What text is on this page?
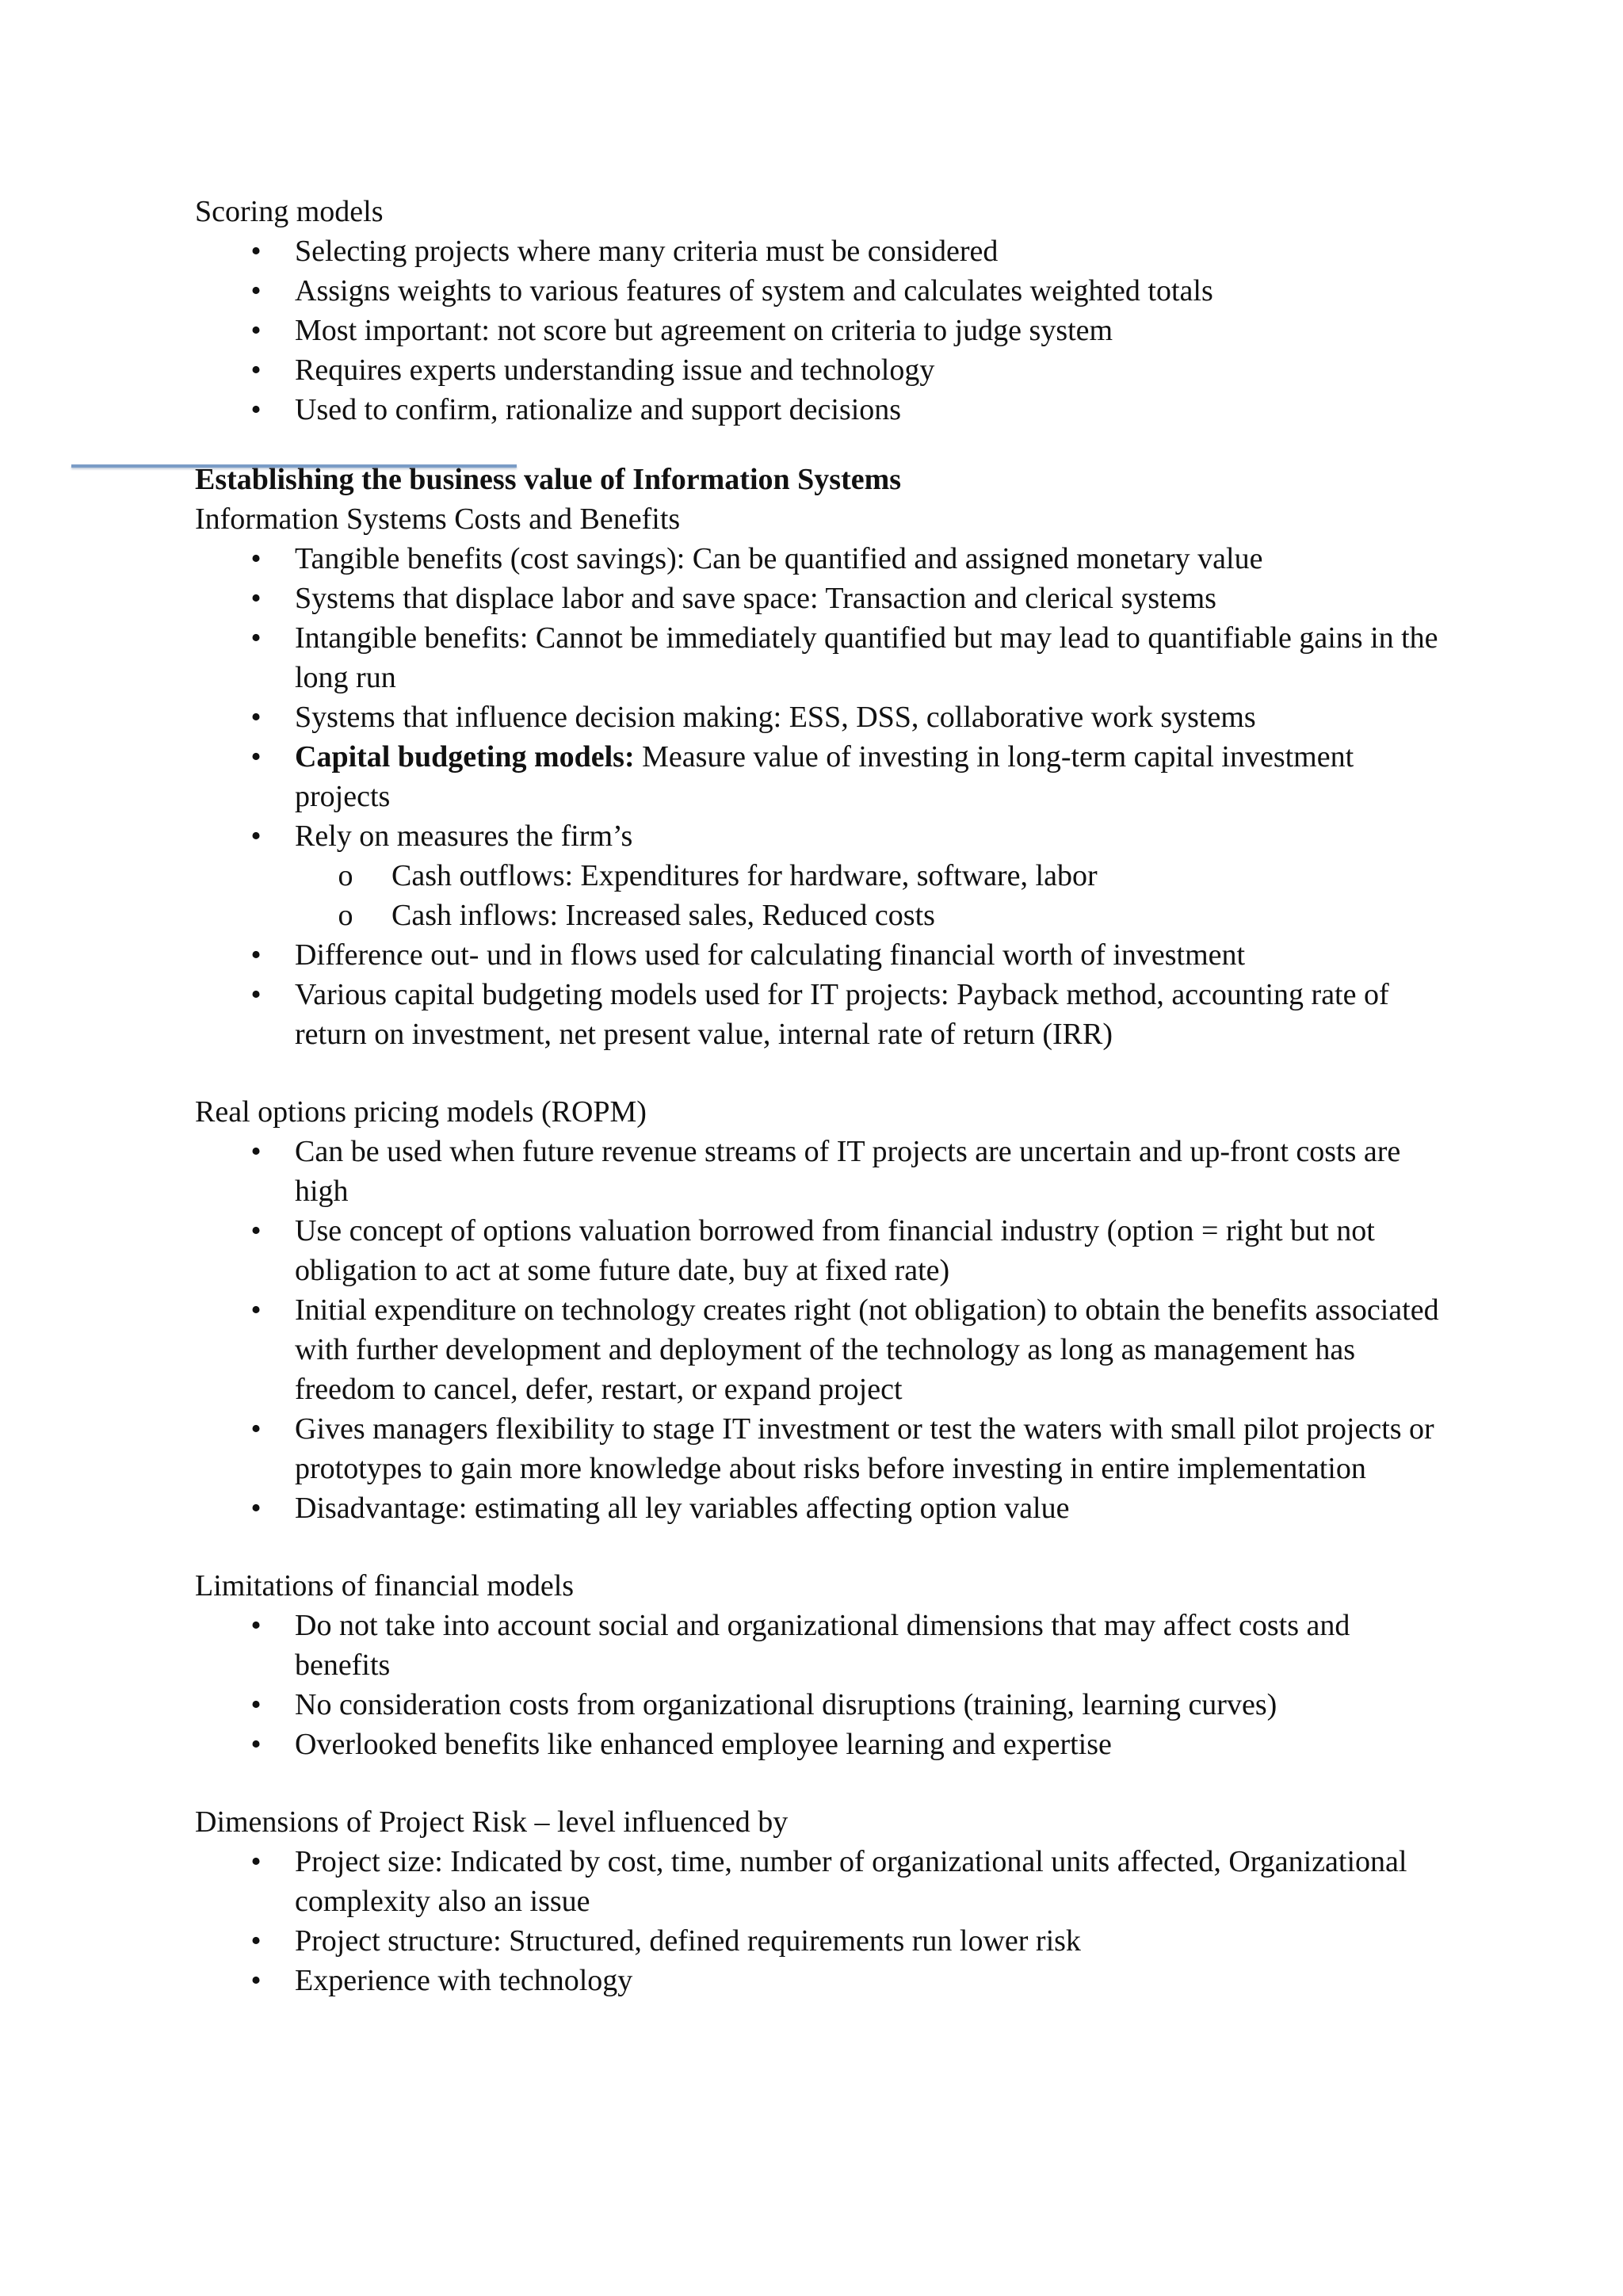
Scoring models

• Selecting projects where many criteria must be considered
• Assigns weights to various features of system and calculates weighted totals
• Most important: not score but agreement on criteria to judge system
• Requires experts understanding issue and technology
• Used to confirm, rationalize and support decisions

Establishing the business value of Information Systems

Information Systems Costs and Benefits

• Tangible benefits (cost savings): Can be quantified and assigned monetary value
• Systems that displace labor and save space: Transaction and clerical systems
• Intangible benefits: Cannot be immediately quantified but may lead to quantifiable gains in the long run
• Systems that influence decision making: ESS, DSS, collaborative work systems
• Capital budgeting models: Measure value of investing in long-term capital investment projects
• Rely on measures the firm’s
o Cash outflows: Expenditures for hardware, software, labor
o Cash inflows: Increased sales, Reduced costs
• Difference out- und in flows used for calculating financial worth of investment
• Various capital budgeting models used for IT projects: Payback method, accounting rate of return on investment, net present value, internal rate of return (IRR)

Real options pricing models (ROPM)

• Can be used when future revenue streams of IT projects are uncertain and up-front costs are high
• Use concept of options valuation borrowed from financial industry (option = right but not obligation to act at some future date, buy at fixed rate)
• Initial expenditure on technology creates right (not obligation) to obtain the benefits associated with further development and deployment of the technology as long as management has freedom to cancel, defer, restart, or expand project
• Gives managers flexibility to stage IT investment or test the waters with small pilot projects or prototypes to gain more knowledge about risks before investing in entire implementation
• Disadvantage: estimating all ley variables affecting option value

Limitations of financial models

• Do not take into account social and organizational dimensions that may affect costs and benefits
• No consideration costs from organizational disruptions (training, learning curves)
• Overlooked benefits like enhanced employee learning and expertise

Dimensions of Project Risk – level influenced by

• Project size: Indicated by cost, time, number of organizational units affected, Organizational complexity also an issue
• Project structure: Structured, defined requirements run lower risk
• Experience with technology
